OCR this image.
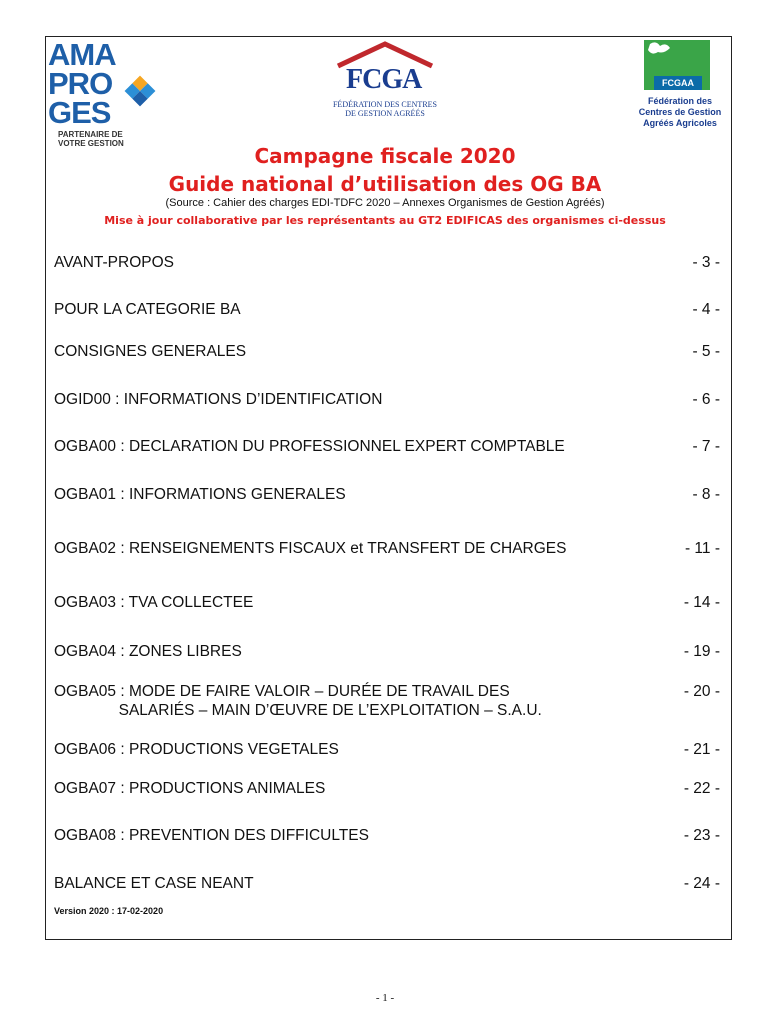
AMA
PRO
GES
PARTENAIRE DE
VOTRE GESTION
FCGA
FÉDÉRATION DES CENTRES
DE GESTION AGRÉÉS
FCGAA
Fédération des
Centres de Gestion
Agréés Agricoles
Campagne fiscale 2020
Guide national d’utilisation des OG BA
(Source : Cahier des charges EDI-TDFC 2020 – Annexes Organismes de Gestion Agréés)
Mise à jour collaborative par les représentants au GT2 EDIFICAS des organismes ci-dessus
AVANT-PROPOS	- 3 -
POUR LA CATEGORIE BA	- 4 -
CONSIGNES GENERALES	- 5 -
OGID00 : INFORMATIONS D’IDENTIFICATION	- 6 -
OGBA00 : DECLARATION DU PROFESSIONNEL EXPERT COMPTABLE	- 7 -
OGBA01 : INFORMATIONS GENERALES	- 8 -
OGBA02 : RENSEIGNEMENTS FISCAUX et TRANSFERT DE CHARGES	- 11 -
OGBA03 : TVA COLLECTEE	- 14 -
OGBA04 : ZONES LIBRES	- 19 -
OGBA05 : MODE DE FAIRE VALOIR – DURÉE DE TRAVAIL DES
SALARIÉS – MAIN D’ŒUVRE DE L’EXPLOITATION – S.A.U.
- 20 -
OGBA06 : PRODUCTIONS VEGETALES	- 21 -
OGBA07 : PRODUCTIONS ANIMALES	- 22 -
OGBA08 : PREVENTION DES DIFFICULTES	- 23 -
BALANCE ET CASE NEANT	- 24 -
Version 2020 : 17-02-2020
- 1 -
